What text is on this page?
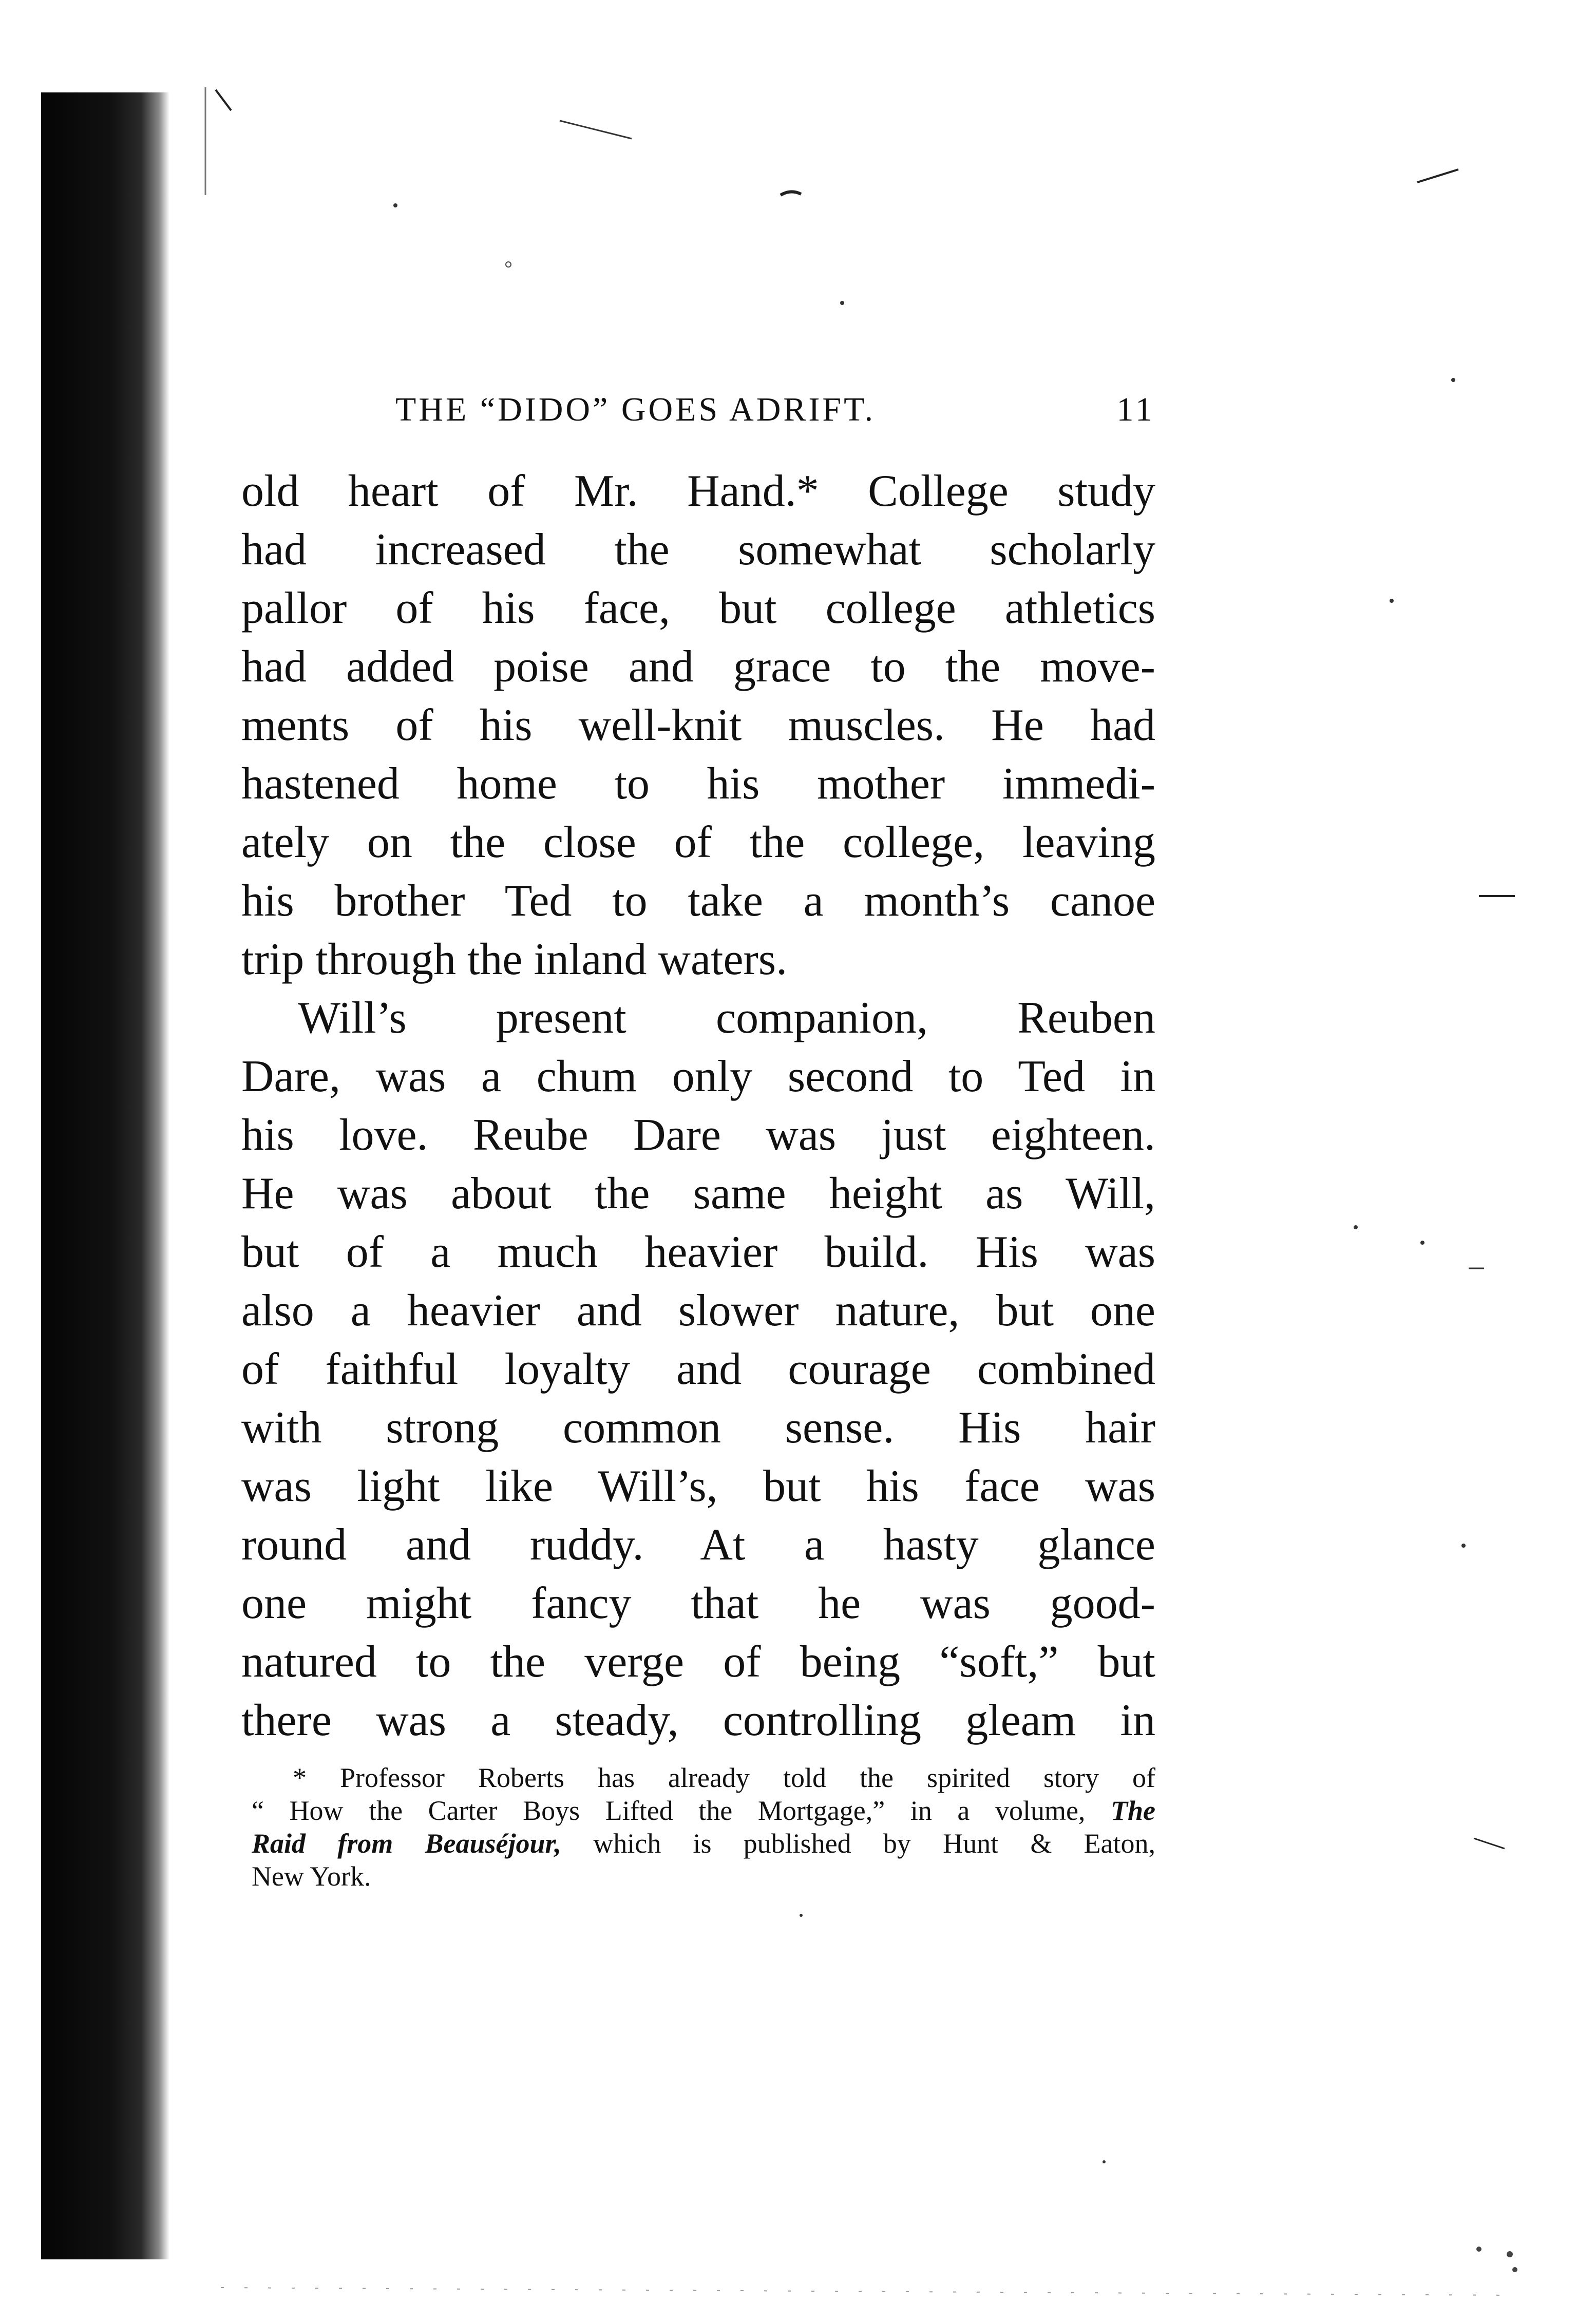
THE “DIDO” GOES ADRIFT.	11
old heart of Mr. Hand.* College study
had increased the somewhat scholarly
pallor of his face, but college athletics
had added poise and grace to the move-
ments of his well-knit muscles. He had
hastened home to his mother immedi-
ately on the close of the college, leaving
his brother Ted to take a month’s canoe
trip through the inland waters.
Will’s present companion, Reuben
Dare, was a chum only second to Ted in
his love. Reube Dare was just eighteen.
He was about the same height as Will,
but of a much heavier build. His was
also a heavier and slower nature, but one
of faithful loyalty and courage combined
with strong common sense. His hair
was light like Will’s, but his face was
round and ruddy. At a hasty glance
one might fancy that he was good-
natured to the verge of being “soft,” but
there was a steady, controlling gleam in
* Professor Roberts has already told the spirited story of
“ How the Carter Boys Lifted the Mortgage,” in a volume, The
Raid from Beauséjour, which is published by Hunt & Eaton,
New York.
